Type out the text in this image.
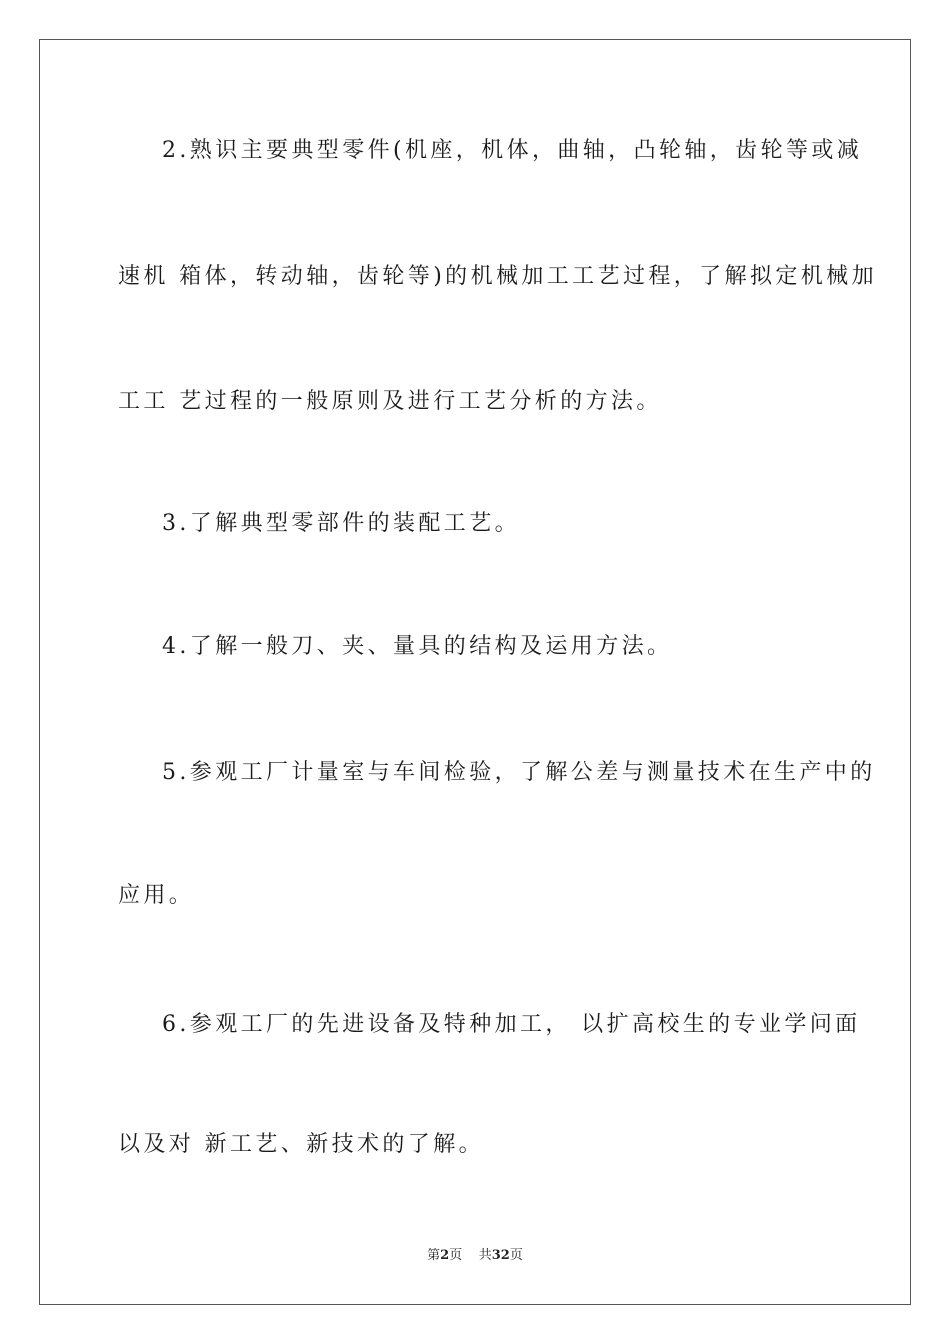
2.熟识主要典型零件(机座，机体，曲轴，凸轮轴，齿轮等或减
速机 箱体，转动轴，齿轮等)的机械加工工艺过程，了解拟定机械加
工工 艺过程的一般原则及进行工艺分析的方法。
3.了解典型零部件的装配工艺。
4.了解一般刀、夹、量具的结构及运用方法。
5.参观工厂计量室与车间检验，了解公差与测量技术在生产中的
应用。
6.参观工厂的先进设备及特种加工， 以扩高校生的专业学问面
以及对 新工艺、新技术的了解。
第2页 共32页
